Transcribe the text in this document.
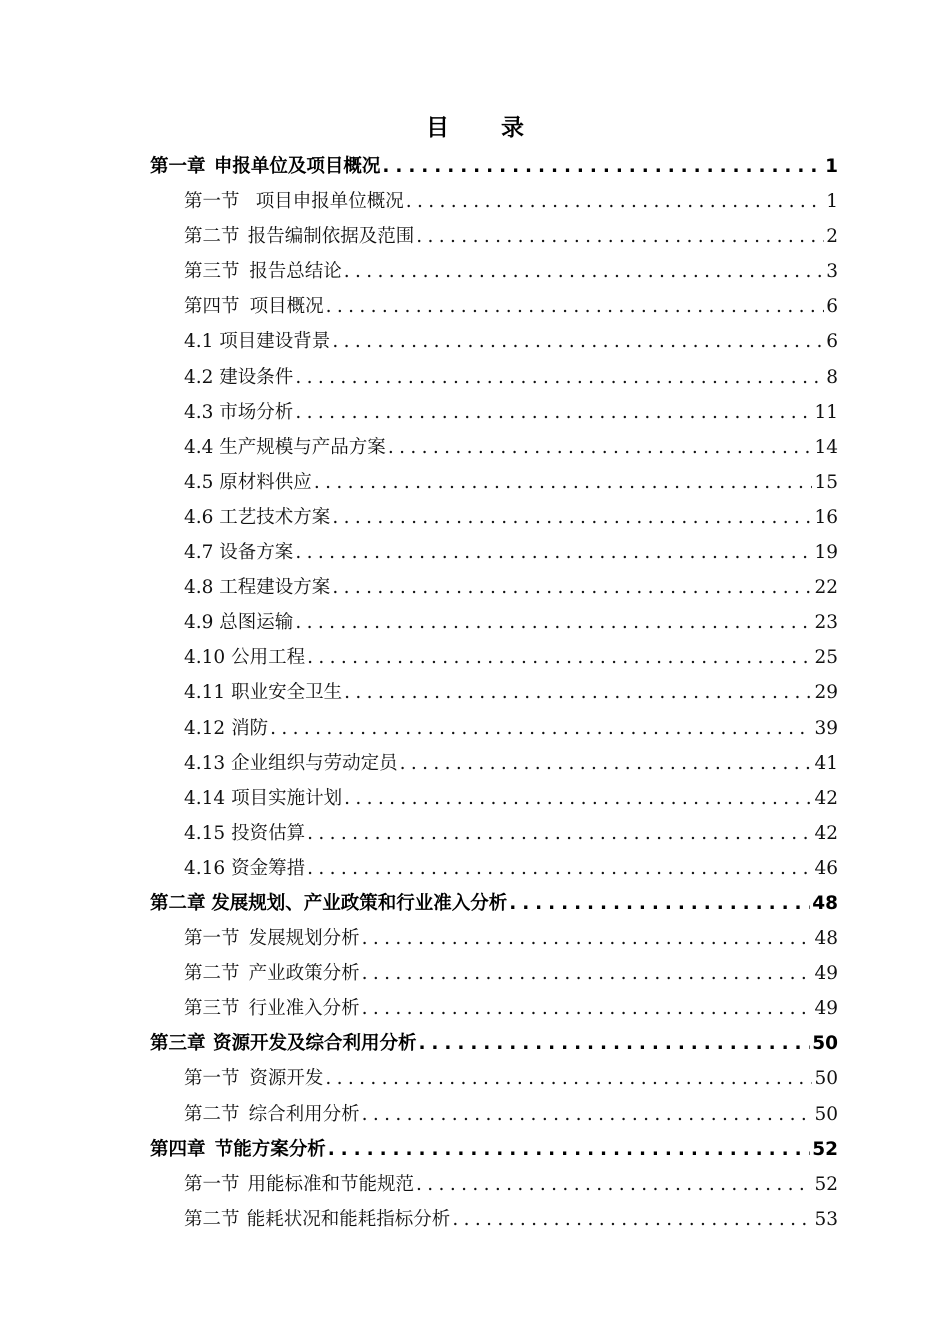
目 录
第一章 申报单位及项目概况 . . .	1
第一节 项目申报单位概况 . . .	1
第二节 报告编制依据及范围 . . .	2
第三节 报告总结论 . . .	3
第四节 项目概况 . . .	6
4.1 项目建设背景 . . .	6
4.2 建设条件 . . .	8
4.3 市场分析 . . .	11
4.4 生产规模与产品方案 . . .	14
4.5 原材料供应 . . .	15
4.6 工艺技术方案 . . .	16
4.7 设备方案 . . .	19
4.8 工程建设方案 . . .	22
4.9 总图运输 . . .	23
4.10 公用工程 . . .	25
4.11 职业安全卫生 . . .	29
4.12 消防 . . .	39
4.13 企业组织与劳动定员 . . .	41
4.14 项目实施计划 . . .	42
4.15 投资估算 . . .	42
4.16 资金筹措 . . .	46
第二章 发展规划、产业政策和行业准入分析 . . .	48
第一节 发展规划分析 . . .	48
第二节 产业政策分析 . . .	49
第三节 行业准入分析 . . .	49
第三章 资源开发及综合利用分析 . . .	50
第一节 资源开发 . . .	50
第二节 综合利用分析 . . .	50
第四章 节能方案分析 . . .	52
第一节 用能标准和节能规范 . . .	52
第二节 能耗状况和能耗指标分析 . . .	53
